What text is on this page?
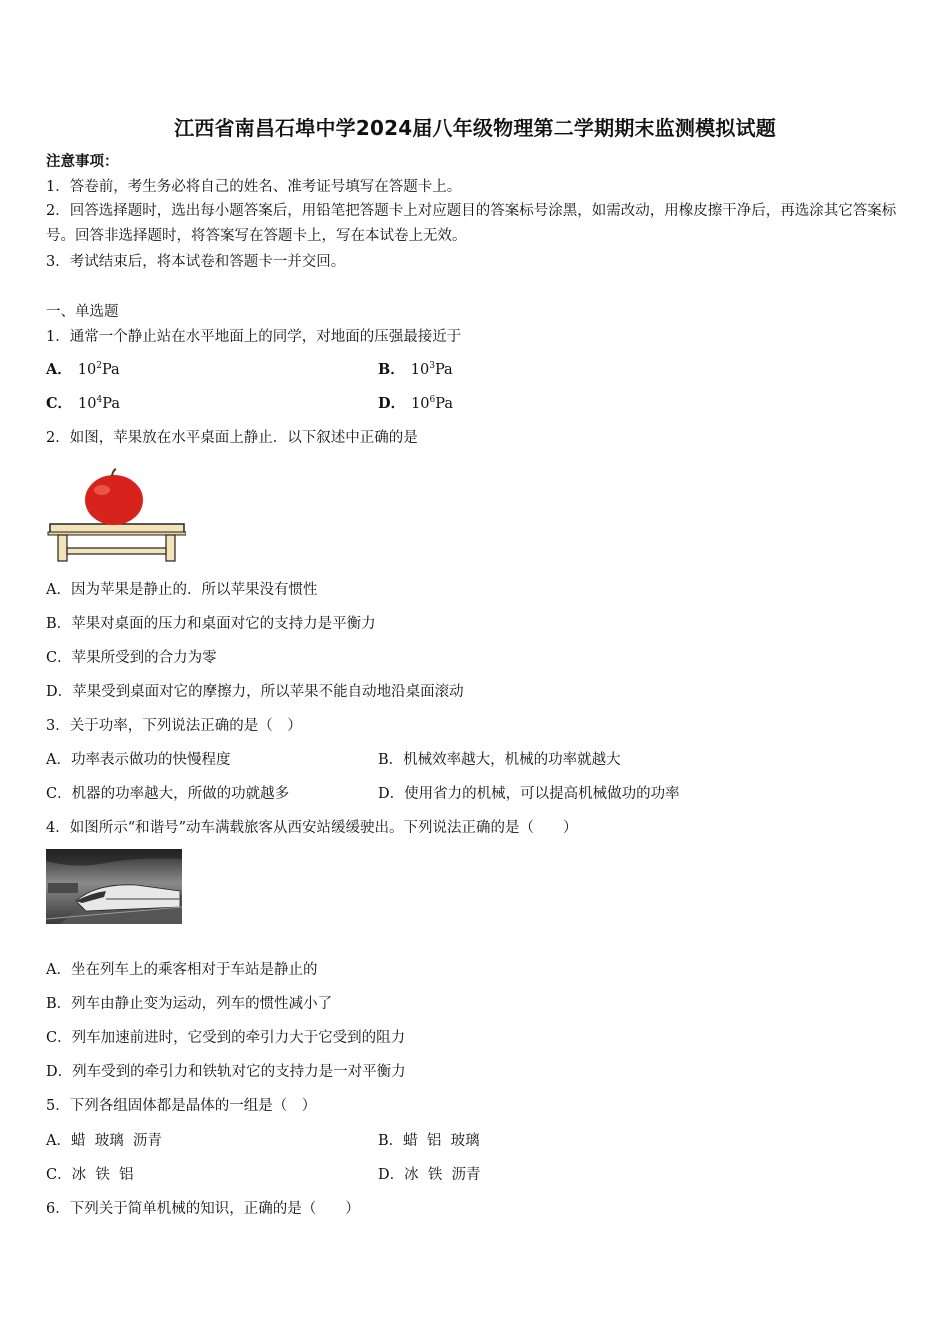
江西省南昌石埠中学2024届八年级物理第二学期期末监测模拟试题
注意事项：
1．答卷前，考生务必将自己的姓名、准考证号填写在答题卡上。
2．回答选择题时，选出每小题答案后，用铅笔把答题卡上对应题目的答案标号涂黑，如需改动，用橡皮擦干净后，再选涂其它答案标号。回答非选择题时，将答案写在答题卡上，写在本试卷上无效。
3．考试结束后，将本试卷和答题卡一并交回。
一、单选题
1．通常一个静止站在水平地面上的同学，对地面的压强最接近于
A． $10^2Pa$	B． $10^3Pa$
C． $10^4Pa$	D． $10^6Pa$
2．如图，苹果放在水平桌面上静止．以下叙述中正确的是
A．因为苹果是静止的．所以苹果没有惯性
B．苹果对桌面的压力和桌面对它的支持力是平衡力
C．苹果所受到的合力为零
D．苹果受到桌面对它的摩擦力，所以苹果不能自动地沿桌面滚动
3．关于功率，下列说法正确的是（　）
A．功率表示做功的快慢程度	B．机械效率越大，机械的功率就越大
C．机器的功率越大，所做的功就越多	D．使用省力的机械，可以提高机械做功的功率
4．如图所示“和谐号”动车满载旅客从西安站缓缓驶出。下列说法正确的是（　　）
A．坐在列车上的乘客相对于车站是静止的
B．列车由静止变为运动，列车的惯性减小了
C．列车加速前进时，它受到的牵引力大于它受到的阻力
D．列车受到的牵引力和铁轨对它的支持力是一对平衡力
5．下列各组固体都是晶体的一组是（　）
A．蜡  玻璃  沥青	B．蜡  铝  玻璃
C．冰  铁  铝	D．冰  铁  沥青
6．下列关于简单机械的知识，正确的是（　　）
